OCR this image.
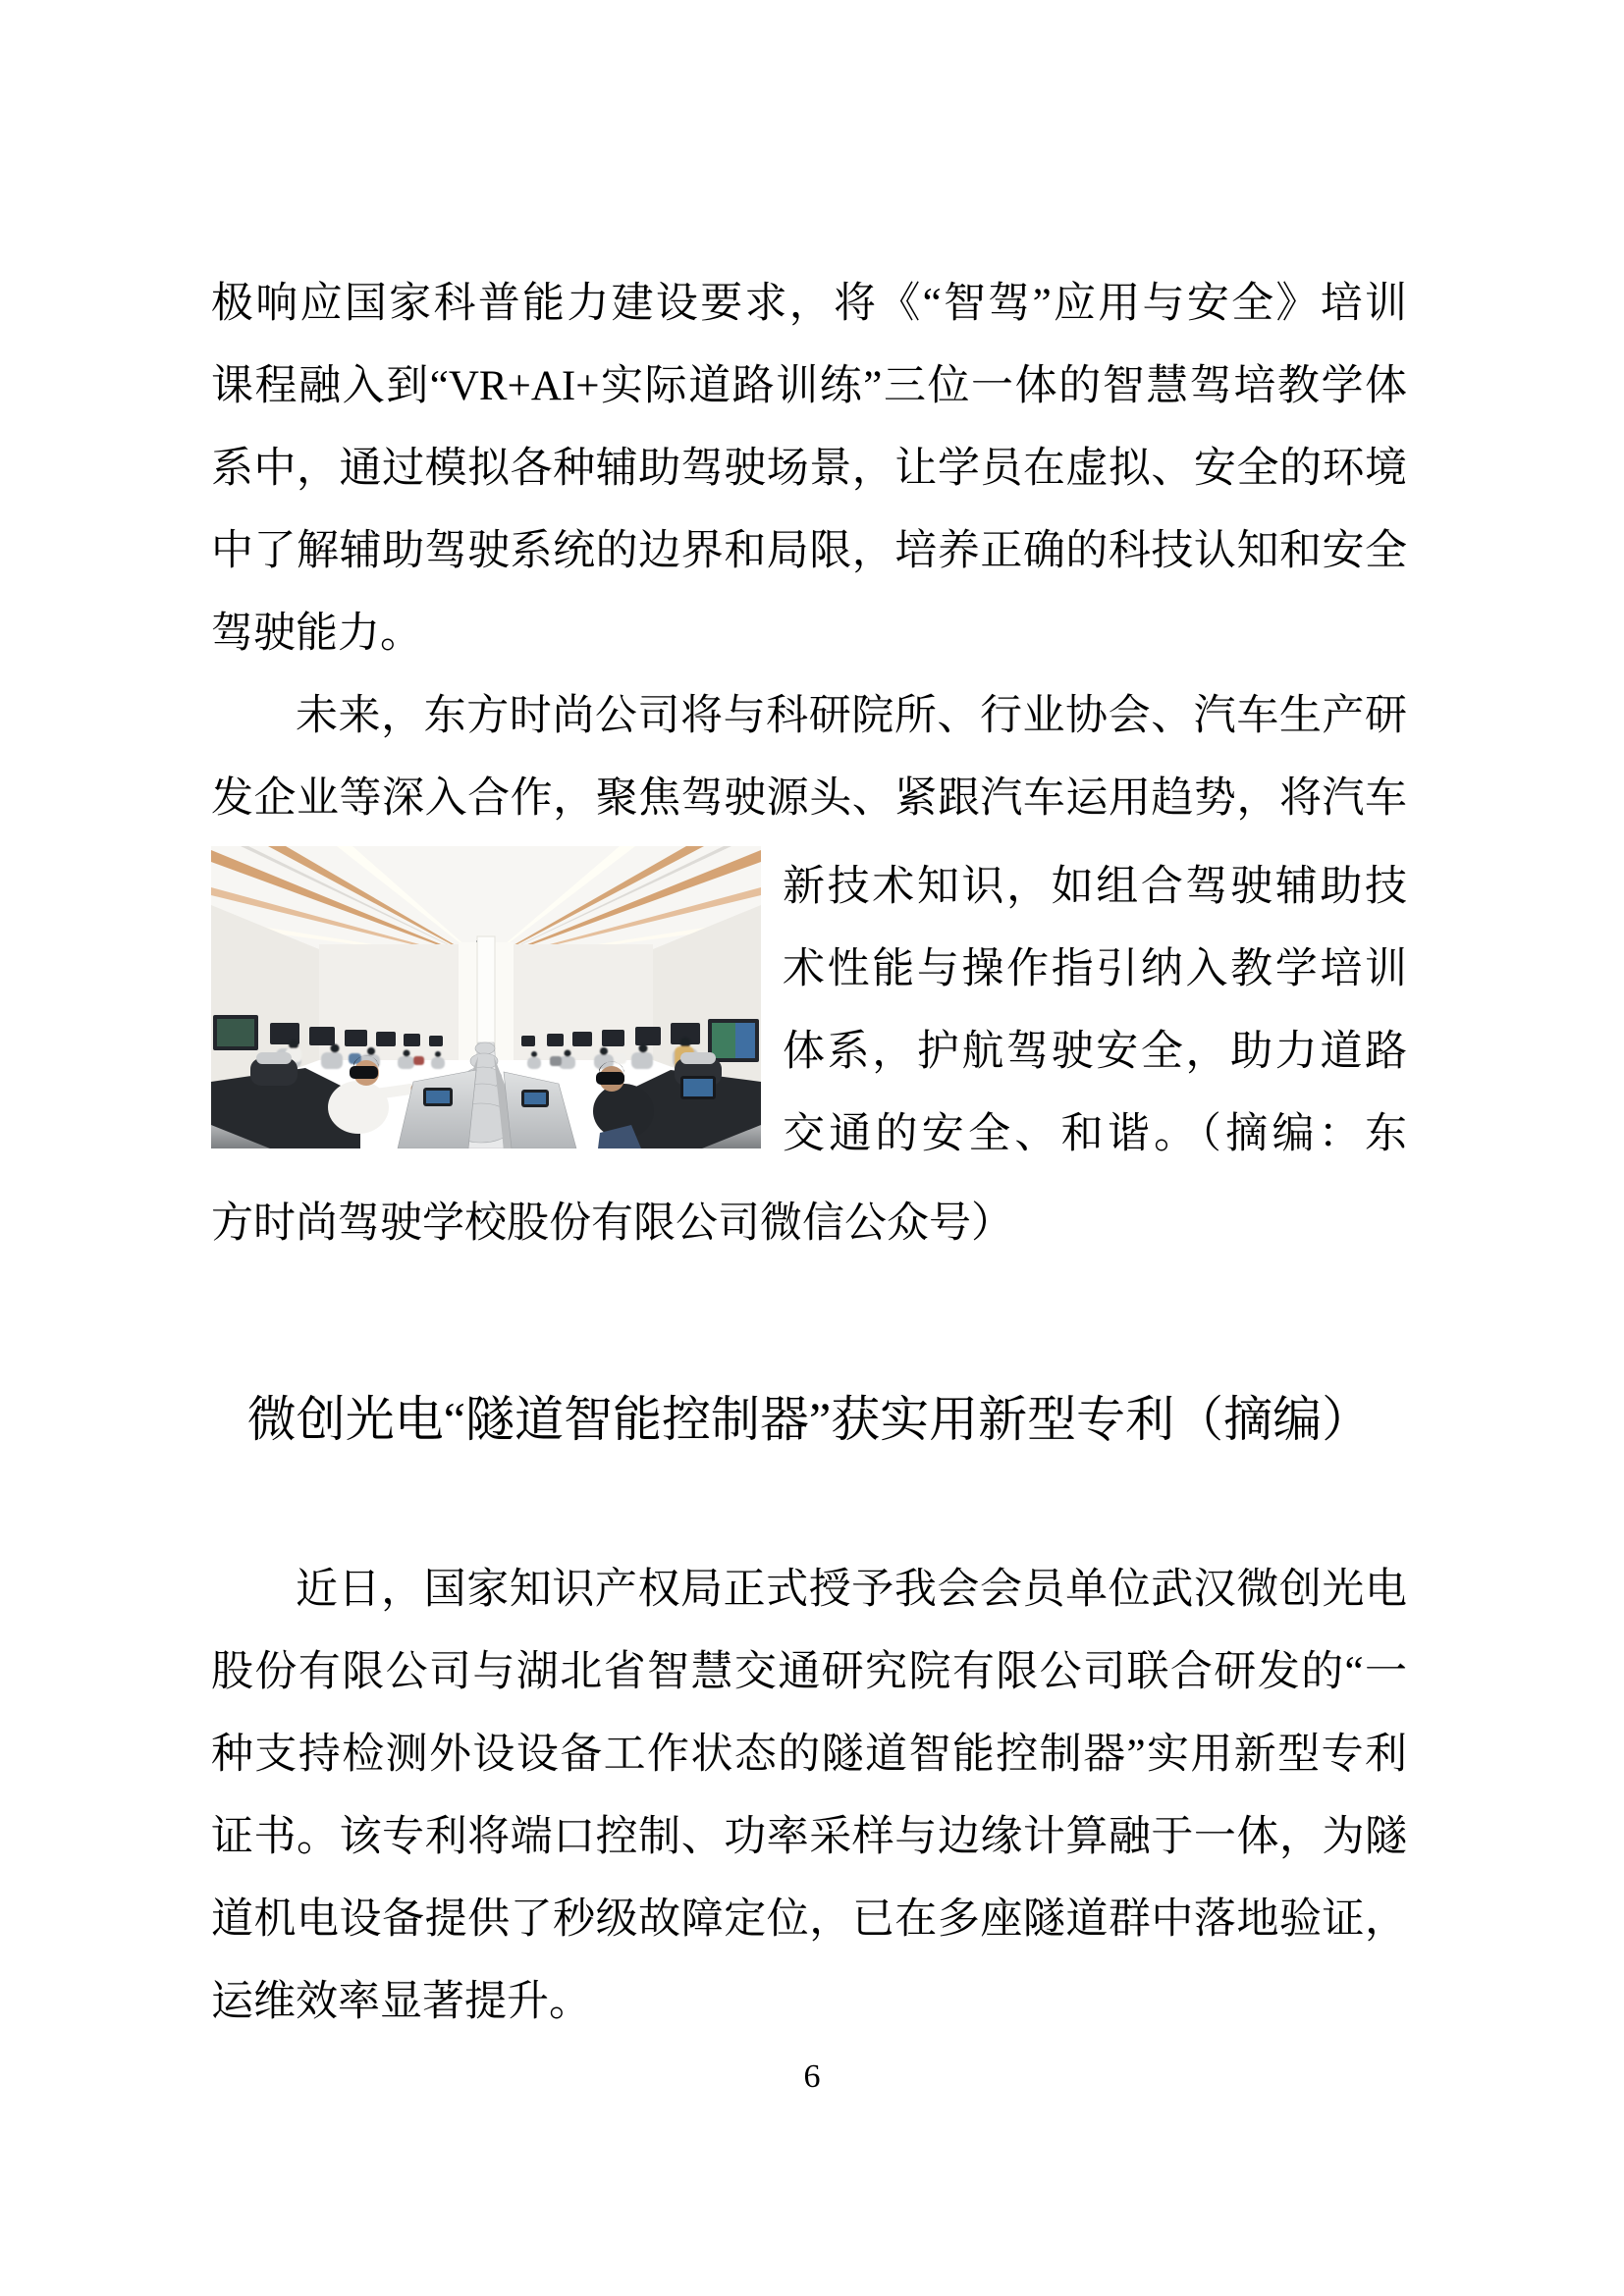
极响应国家科普能力建设要求，将《“智驾”应用与安全》培训
课程融入到“VR+AI+实际道路训练”三位一体的智慧驾培教学体
系中，通过模拟各种辅助驾驶场景，让学员在虚拟、安全的环境
中了解辅助驾驶系统的边界和局限，培养正确的科技认知和安全
驾驶能力。
未来，东方时尚公司将与科研院所、行业协会、汽车生产研
发企业等深入合作，聚焦驾驶源头、紧跟汽车运用趋势，将汽车
新技术知识，如组合驾驶辅助技
术性能与操作指引纳入教学培训
体系，护航驾驶安全，助力道路
交通的安全、和谐。（摘编：东
方时尚驾驶学校股份有限公司微信公众号）
微创光电“隧道智能控制器”获实用新型专利（摘编）
近日，国家知识产权局正式授予我会会员单位武汉微创光电
股份有限公司与湖北省智慧交通研究院有限公司联合研发的“一
种支持检测外设设备工作状态的隧道智能控制器”实用新型专利
证书。该专利将端口控制、功率采样与边缘计算融于一体，为隧
道机电设备提供了秒级故障定位，已在多座隧道群中落地验证，
运维效率显著提升。
6
